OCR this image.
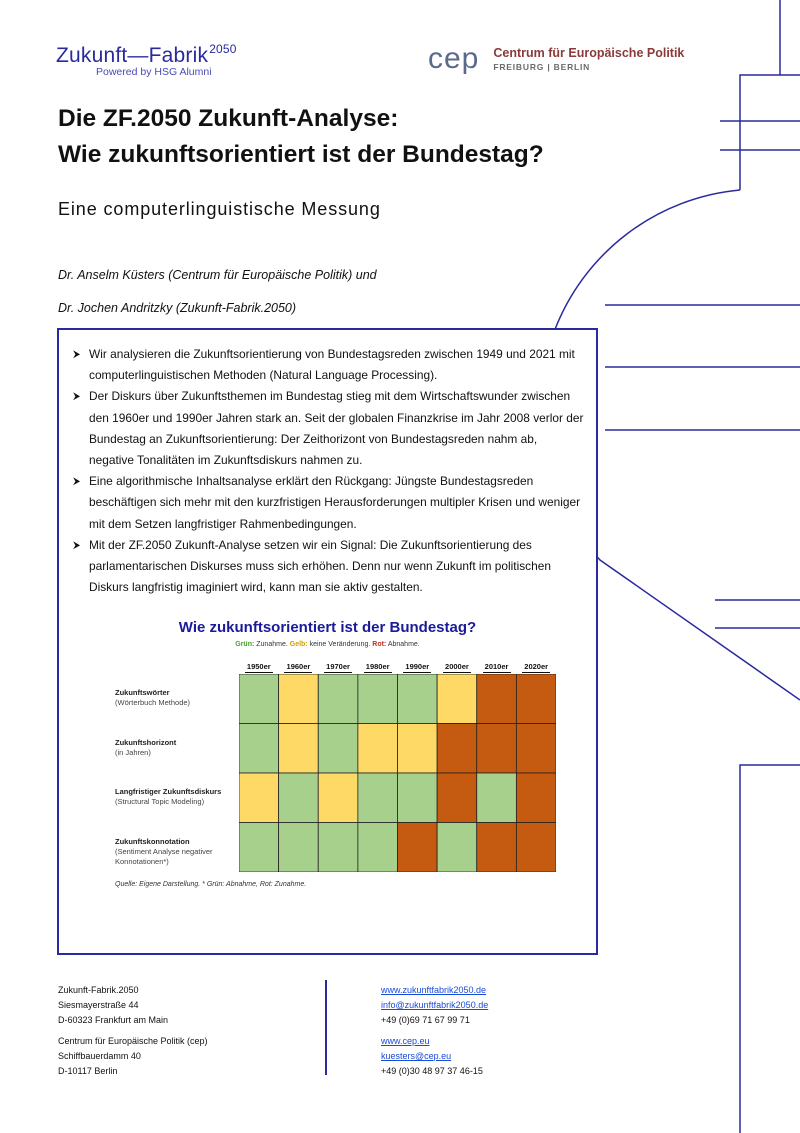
Zukunft—Fabrik$^{2050}$
Powered by HSG Alumni	cep Centrum für Europäische Politik
FREIBURG | BERLIN
Die ZF.2050 Zukunft-Analyse:
Wie zukunftsorientiert ist der Bundestag?
Eine computerlinguistische Messung
Dr. Anselm Küsters (Centrum für Europäische Politik) und
Dr. Jochen Andritzky (Zukunft-Fabrik.2050)
⮞ Wir analysieren die Zukunftsorientierung von Bundestagsreden zwischen 1949 und 2021 mit computerlinguistischen Methoden (Natural Language Processing).
⮞ Der Diskurs über Zukunftsthemen im Bundestag stieg mit dem Wirtschaftswunder zwischen den 1960er und 1990er Jahren stark an. Seit der globalen Finanzkrise im Jahr 2008 verlor der Bundestag an Zukunftsorientierung: Der Zeithorizont von Bundestagsreden nahm ab, negative Tonalitäten im Zukunftsdiskurs nahmen zu.
⮞ Eine algorithmische Inhaltsanalyse erklärt den Rückgang: Jüngste Bundestagsreden beschäftigen sich mehr mit den kurzfristigen Herausforderungen multipler Krisen und weniger mit dem Setzen langfristiger Rahmenbedingungen.
⮞ Mit der ZF.2050 Zukunft-Analyse setzen wir ein Signal: Die Zukunftsorientierung des parlamentarischen Diskurses muss sich erhöhen. Denn nur wenn Zukunft im politischen Diskurs langfristig imaginiert wird, kann man sie aktiv gestalten.
Wie zukunftsorientiert ist der Bundestag?
Grün: Zunahme. Gelb: keine Veränderung. Rot: Abnahme.
1950er 1960er 1970er 1980er 1990er 2000er 2010er 2020er
Zukunftswörter
(Wörterbuch Methode)
Zukunftshorizont
(in Jahren)
Langfristiger Zukunftsdiskurs
(Structural Topic Modeling)
Zukunftskonnotation
(Sentiment Analyse negativer Konnotationen*)
Quelle: Eigene Darstellung. * Grün: Abnahme, Rot: Zunahme.
Zukunft-Fabrik.2050
Siesmayerstraße 44
D-60323 Frankfurt am Main
Centrum für Europäische Politik (cep)
Schiffbauerdamm 40
D-10117 Berlin
www.zukunftfabrik2050.de
info@zukunftfabrik2050.de
+49 (0)69 71 67 99 71
www.cep.eu
kuesters@cep.eu
+49 (0)30 48 97 37 46-15
